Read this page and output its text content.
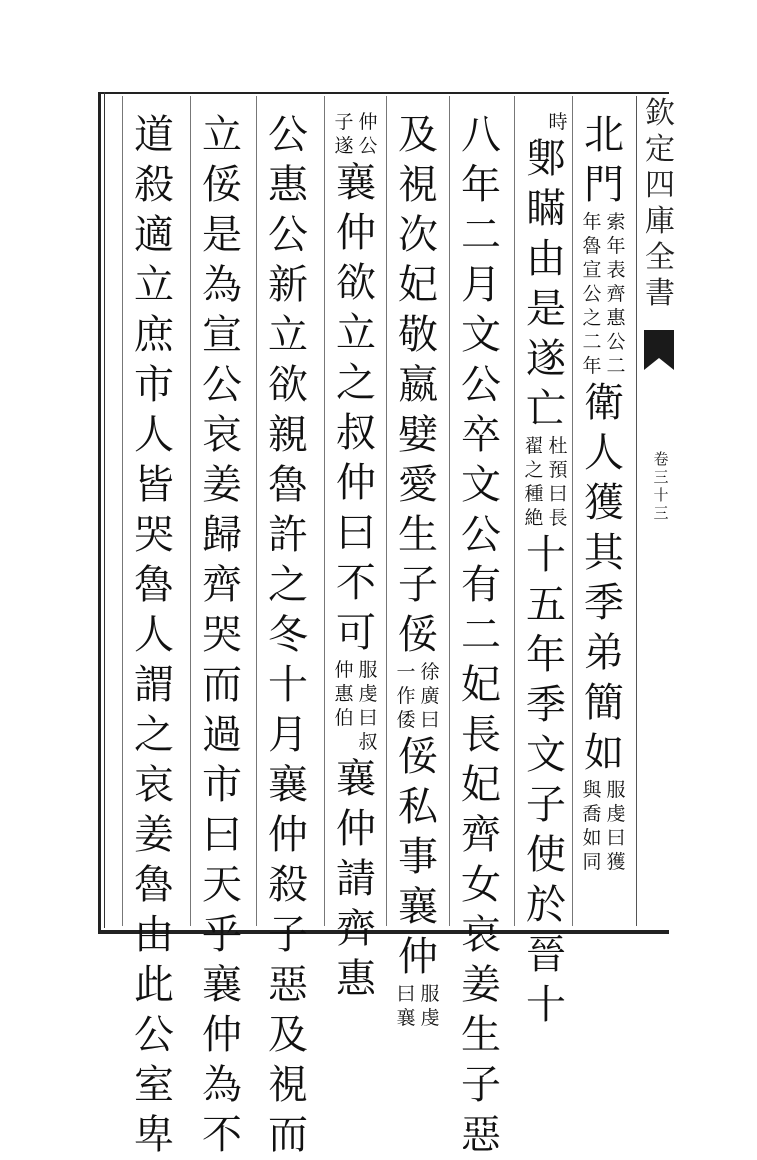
欽
定
四
庫
全
書
卷
三
十
三
北
門
索
年
表
齊
惠
公
二
年
魯
宣
公
之
二
年
衛
人
獲
其
季
弟
簡
如
服
虔
曰
獲
與
喬
如
同
時
鄋
瞞
由
是
遂
亡
杜
預
曰
長
翟
之
種
絶
十
五
年
季
文
子
使
於
晉
十
八
年
二
月
文
公
卒
文
公
有
二
妃
長
妃
齊
女
哀
姜
生
子
惡
及
視
次
妃
敬
嬴
嬖
愛
生
子
俀
徐
廣
曰
一
作
倭
俀
私
事
襄
仲
服
虔
曰
襄
仲
公
子
遂
襄
仲
欲
立
之
叔
仲
曰
不
可
服
虔
曰
叔
仲
惠
伯
襄
仲
請
齊
惠
公
惠
公
新
立
欲
親
魯
許
之
冬
十
月
襄
仲
殺
子
惡
及
視
而
立
俀
是
為
宣
公
哀
姜
歸
齊
哭
而
過
市
曰
天
乎
襄
仲
為
不
道
殺
適
立
庶
市
人
皆
哭
魯
人
謂
之
哀
姜
魯
由
此
公
室
卑
